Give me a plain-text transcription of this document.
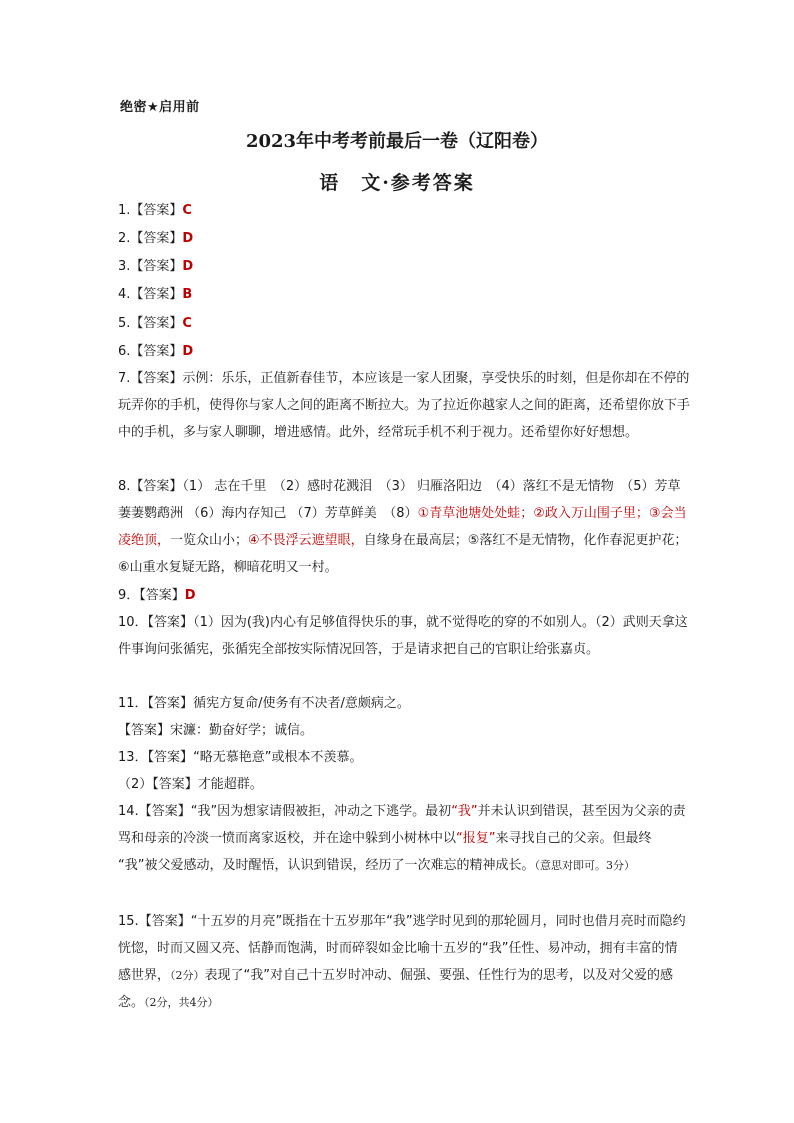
绝密★启用前
2023年中考考前最后一卷（辽阳卷）
语　文·参考答案
1.【答案】C
2.【答案】D
3.【答案】D
4.【答案】B
5.【答案】C
6.【答案】D
7.【答案】示例：乐乐，正值新春佳节，本应该是一家人团聚，享受快乐的时刻，但是你却在不停的玩弄你的手机，使得你与家人之间的距离不断拉大。为了拉近你越家人之间的距离，还希望你放下手中的手机，多与家人聊聊，增进感情。此外，经常玩手机不利于视力。还希望你好好想想。
8.【答案】（1） 志在千里　（2）感时花溅泪　（3） 归雁洛阳边　（4）落红不是无情物　（5）芳草萋萋鹦鹉洲 （6）海内存知己 （7）芳草鲜美　（8）①青草池塘处处蛙；②政入万山围子里；③会当凌绝顶，一览众山小；④不畏浮云遮望眼，自缘身在最高层；⑤落红不是无情物，化作春泥更护花；⑥山重水复疑无路，柳暗花明又一村。
9．【答案】D
10．【答案】（1）因为(我)内心有足够值得快乐的事，就不觉得吃的穿的不如别人。（2）武则天拿这件事询问张循宪，张循宪全部按实际情况回答，于是请求把自己的官职让给张嘉贞。
11．【答案】循宪方复命/使务有不决者/意颇病之。
【答案】宋濂：勤奋好学；诚信。
13．【答案】“略无慕艳意”或根本不羡慕。
（2）【答案】才能超群。
14.【答案】“我”因为想家请假被拒，冲动之下逃学。最初“我”并未认识到错误，甚至因为父亲的责骂和母亲的冷淡一愤而离家返校，并在途中躲到小树林中以“报复”来寻找自己的父亲。但最终 “我”被父爱感动，及时醒悟，认识到错误，经历了一次难忘的精神成长。（意思对即可。3分）
15.【答案】“十五岁的月亮”既指在十五岁那年“我”逃学时见到的那轮圆月，同时也借月亮时而隐约恍惚，时而又圆又亮、恬静而饱满，时而碎裂如金比喻十五岁的“我”任性、易冲动，拥有丰富的情感世界，（2分）表现了“我”对自己十五岁时冲动、倔强、要强、任性行为的思考，以及对父爱的感念。（2分，共4分）
